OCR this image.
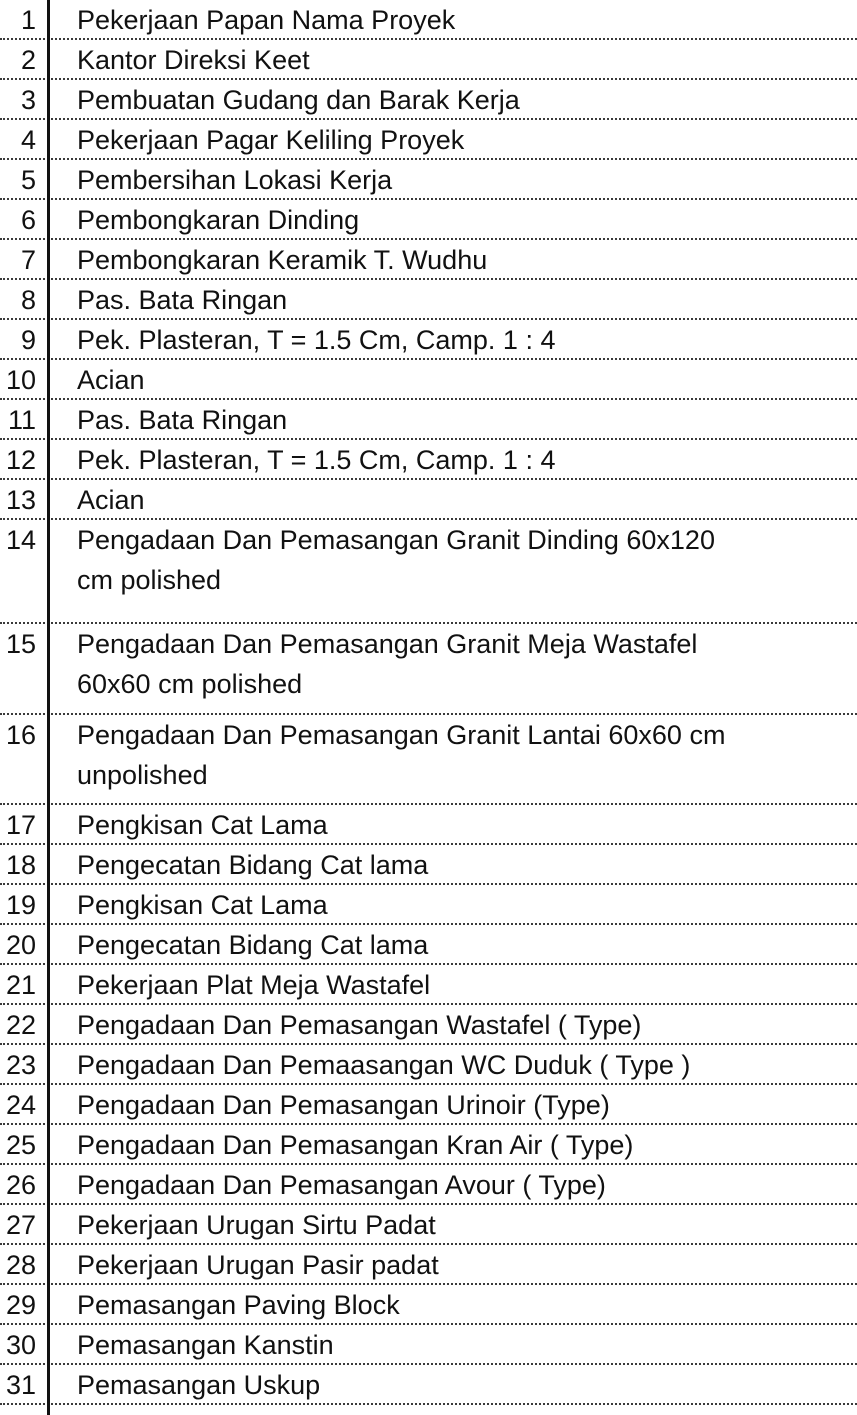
1 Pekerjaan Papan Nama Proyek
2 Kantor Direksi Keet
3 Pembuatan Gudang dan Barak Kerja
4 Pekerjaan Pagar Keliling Proyek
5 Pembersihan Lokasi Kerja
6 Pembongkaran Dinding
7 Pembongkaran Keramik T. Wudhu
8 Pas. Bata Ringan
9 Pek. Plasteran, T = 1.5 Cm, Camp. 1 : 4
10 Acian
11 Pas. Bata Ringan
12 Pek. Plasteran, T = 1.5 Cm, Camp. 1 : 4
13 Acian
14 Pengadaan Dan Pemasangan Granit Dinding 60x120
cm polished
15 Pengadaan Dan Pemasangan Granit Meja Wastafel
60x60 cm polished
16 Pengadaan Dan Pemasangan Granit Lantai 60x60 cm
unpolished
17 Pengkisan Cat Lama
18 Pengecatan Bidang Cat lama
19 Pengkisan Cat Lama
20 Pengecatan Bidang Cat lama
21 Pekerjaan Plat Meja Wastafel
22 Pengadaan Dan Pemasangan Wastafel ( Type)
23 Pengadaan Dan Pemaasangan WC Duduk ( Type )
24 Pengadaan Dan Pemasangan Urinoir (Type)
25 Pengadaan Dan Pemasangan Kran Air ( Type)
26 Pengadaan Dan Pemasangan Avour ( Type)
27 Pekerjaan Urugan Sirtu Padat
28 Pekerjaan Urugan Pasir padat
29 Pemasangan Paving Block
30 Pemasangan Kanstin
31 Pemasangan Uskup
